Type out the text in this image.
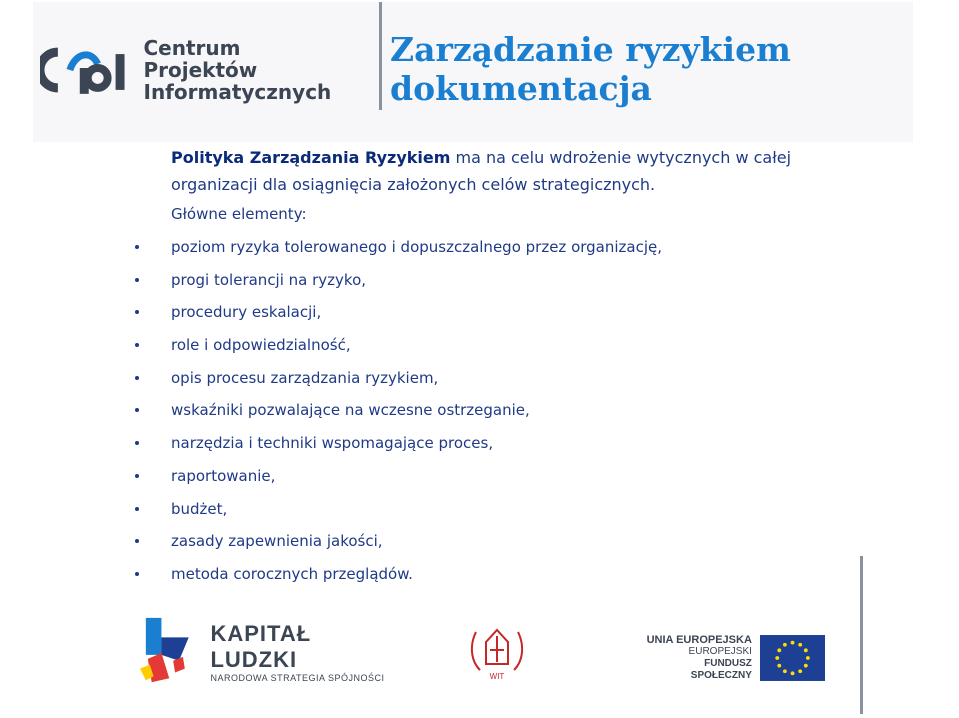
Centrum Projektów
Informatycznych
Zarządzanie ryzykiem
dokumentacja
Polityka Zarządzania Ryzykiem ma na celu wdrożenie wytycznych w całej organizacji dla osiągnięcia założonych celów strategicznych.
Główne elementy:
poziom ryzyka tolerowanego i dopuszczalnego przez organizację,
progi tolerancji na ryzyko,
procedury eskalacji,
role i odpowiedzialność,
opis procesu zarządzania ryzykiem,
wskaźniki pozwalające na wczesne ostrzeganie,
narzędzia i techniki wspomagające proces,
raportowanie,
budżet,
zasady zapewnienia jakości,
metoda corocznych przeglądów.
KAPITAŁ LUDZKI
NARODOWA STRATEGIA SPÓJNOŚCI	WIT
UNIA EUROPEJSKA
EUROPEJSKI
FUNDUSZ SPOŁECZNY
